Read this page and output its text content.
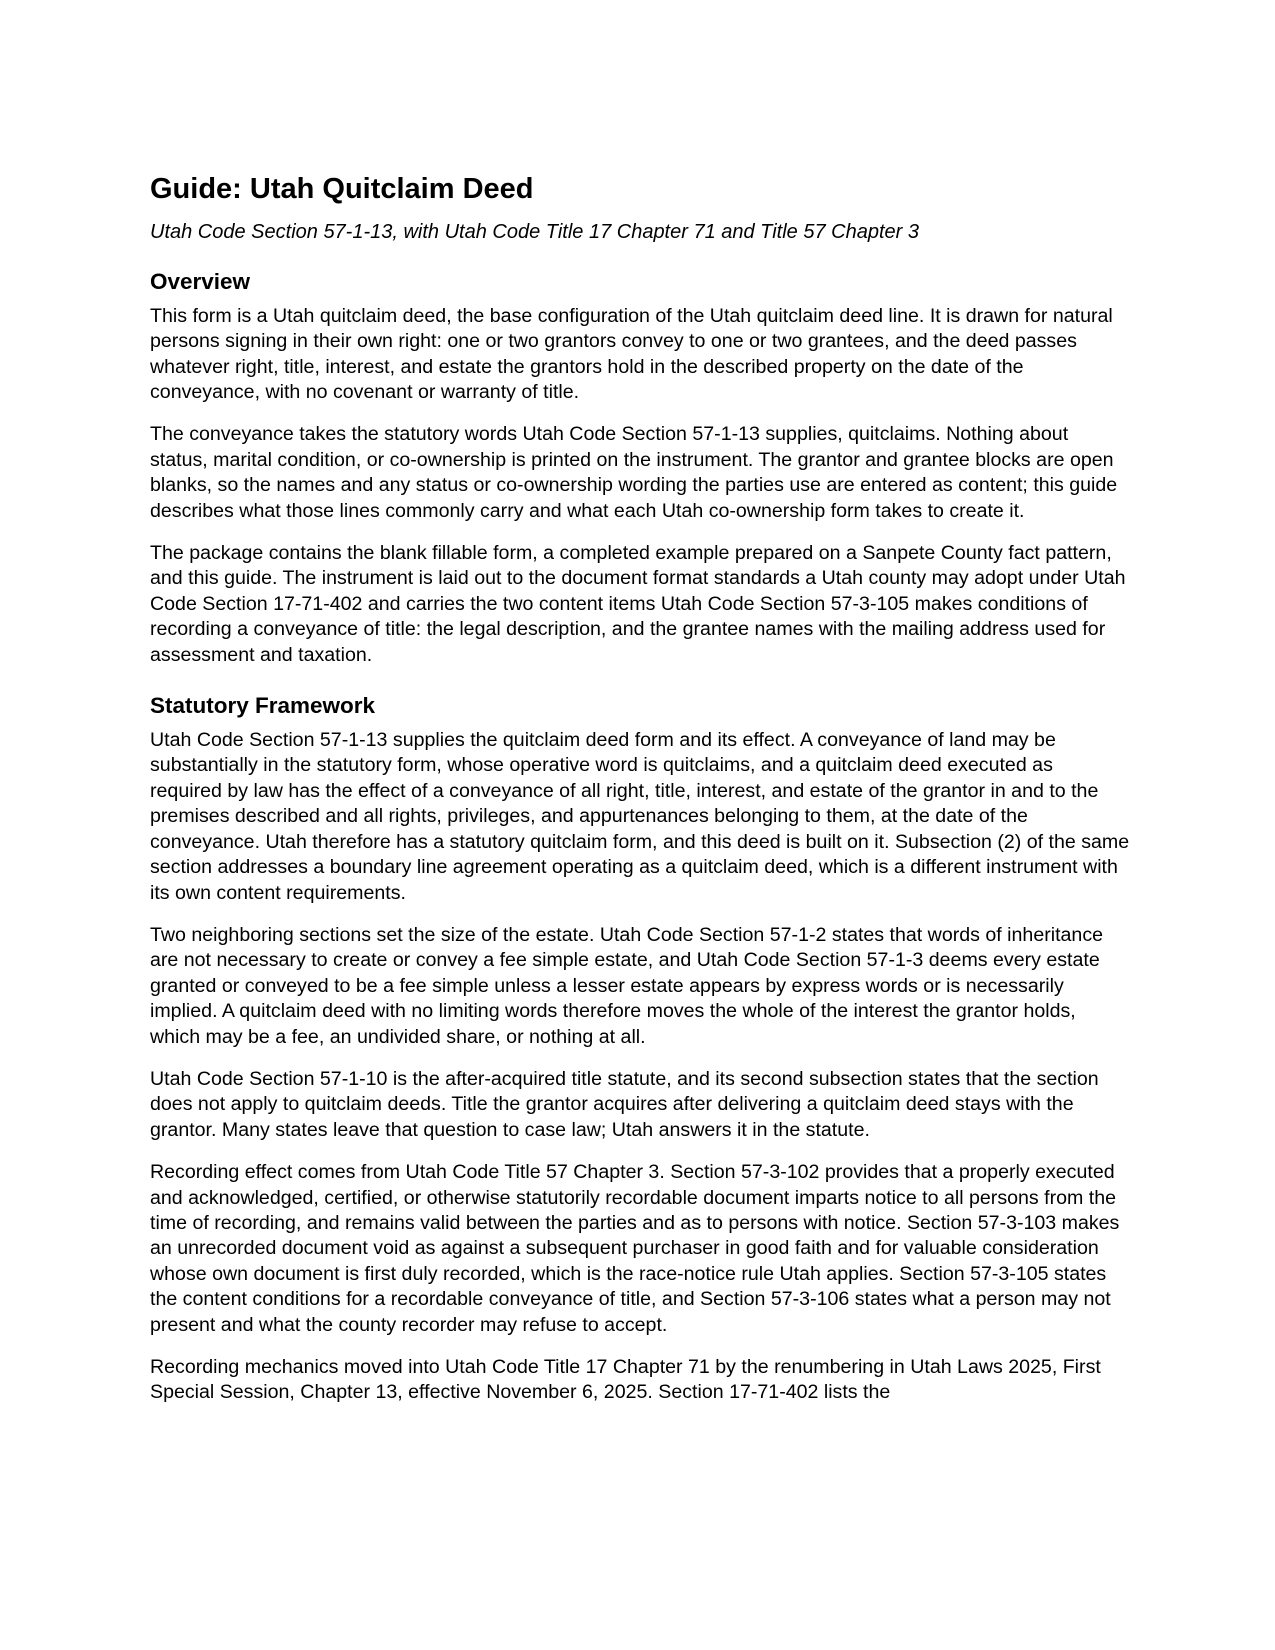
Guide: Utah Quitclaim Deed

Utah Code Section 57-1-13, with Utah Code Title 17 Chapter 71 and Title 57 Chapter 3

Overview

This form is a Utah quitclaim deed, the base configuration of the Utah quitclaim deed line. It is drawn for natural persons signing in their own right: one or two grantors convey to one or two grantees, and the deed passes whatever right, title, interest, and estate the grantors hold in the described property on the date of the conveyance, with no covenant or warranty of title.

The conveyance takes the statutory words Utah Code Section 57-1-13 supplies, quitclaims. Nothing about status, marital condition, or co-ownership is printed on the instrument. The grantor and grantee blocks are open blanks, so the names and any status or co-ownership wording the parties use are entered as content; this guide describes what those lines commonly carry and what each Utah co-ownership form takes to create it.

The package contains the blank fillable form, a completed example prepared on a Sanpete County fact pattern, and this guide. The instrument is laid out to the document format standards a Utah county may adopt under Utah Code Section 17-71-402 and carries the two content items Utah Code Section 57-3-105 makes conditions of recording a conveyance of title: the legal description, and the grantee names with the mailing address used for assessment and taxation.

Statutory Framework

Utah Code Section 57-1-13 supplies the quitclaim deed form and its effect. A conveyance of land may be substantially in the statutory form, whose operative word is quitclaims, and a quitclaim deed executed as required by law has the effect of a conveyance of all right, title, interest, and estate of the grantor in and to the premises described and all rights, privileges, and appurtenances belonging to them, at the date of the conveyance. Utah therefore has a statutory quitclaim form, and this deed is built on it. Subsection (2) of the same section addresses a boundary line agreement operating as a quitclaim deed, which is a different instrument with its own content requirements.

Two neighboring sections set the size of the estate. Utah Code Section 57-1-2 states that words of inheritance are not necessary to create or convey a fee simple estate, and Utah Code Section 57-1-3 deems every estate granted or conveyed to be a fee simple unless a lesser estate appears by express words or is necessarily implied. A quitclaim deed with no limiting words therefore moves the whole of the interest the grantor holds, which may be a fee, an undivided share, or nothing at all.

Utah Code Section 57-1-10 is the after-acquired title statute, and its second subsection states that the section does not apply to quitclaim deeds. Title the grantor acquires after delivering a quitclaim deed stays with the grantor. Many states leave that question to case law; Utah answers it in the statute.

Recording effect comes from Utah Code Title 57 Chapter 3. Section 57-3-102 provides that a properly executed and acknowledged, certified, or otherwise statutorily recordable document imparts notice to all persons from the time of recording, and remains valid between the parties and as to persons with notice. Section 57-3-103 makes an unrecorded document void as against a subsequent purchaser in good faith and for valuable consideration whose own document is first duly recorded, which is the race-notice rule Utah applies. Section 57-3-105 states the content conditions for a recordable conveyance of title, and Section 57-3-106 states what a person may not present and what the county recorder may refuse to accept.

Recording mechanics moved into Utah Code Title 17 Chapter 71 by the renumbering in Utah Laws 2025, First Special Session, Chapter 13, effective November 6, 2025. Section 17-71-402 lists the
